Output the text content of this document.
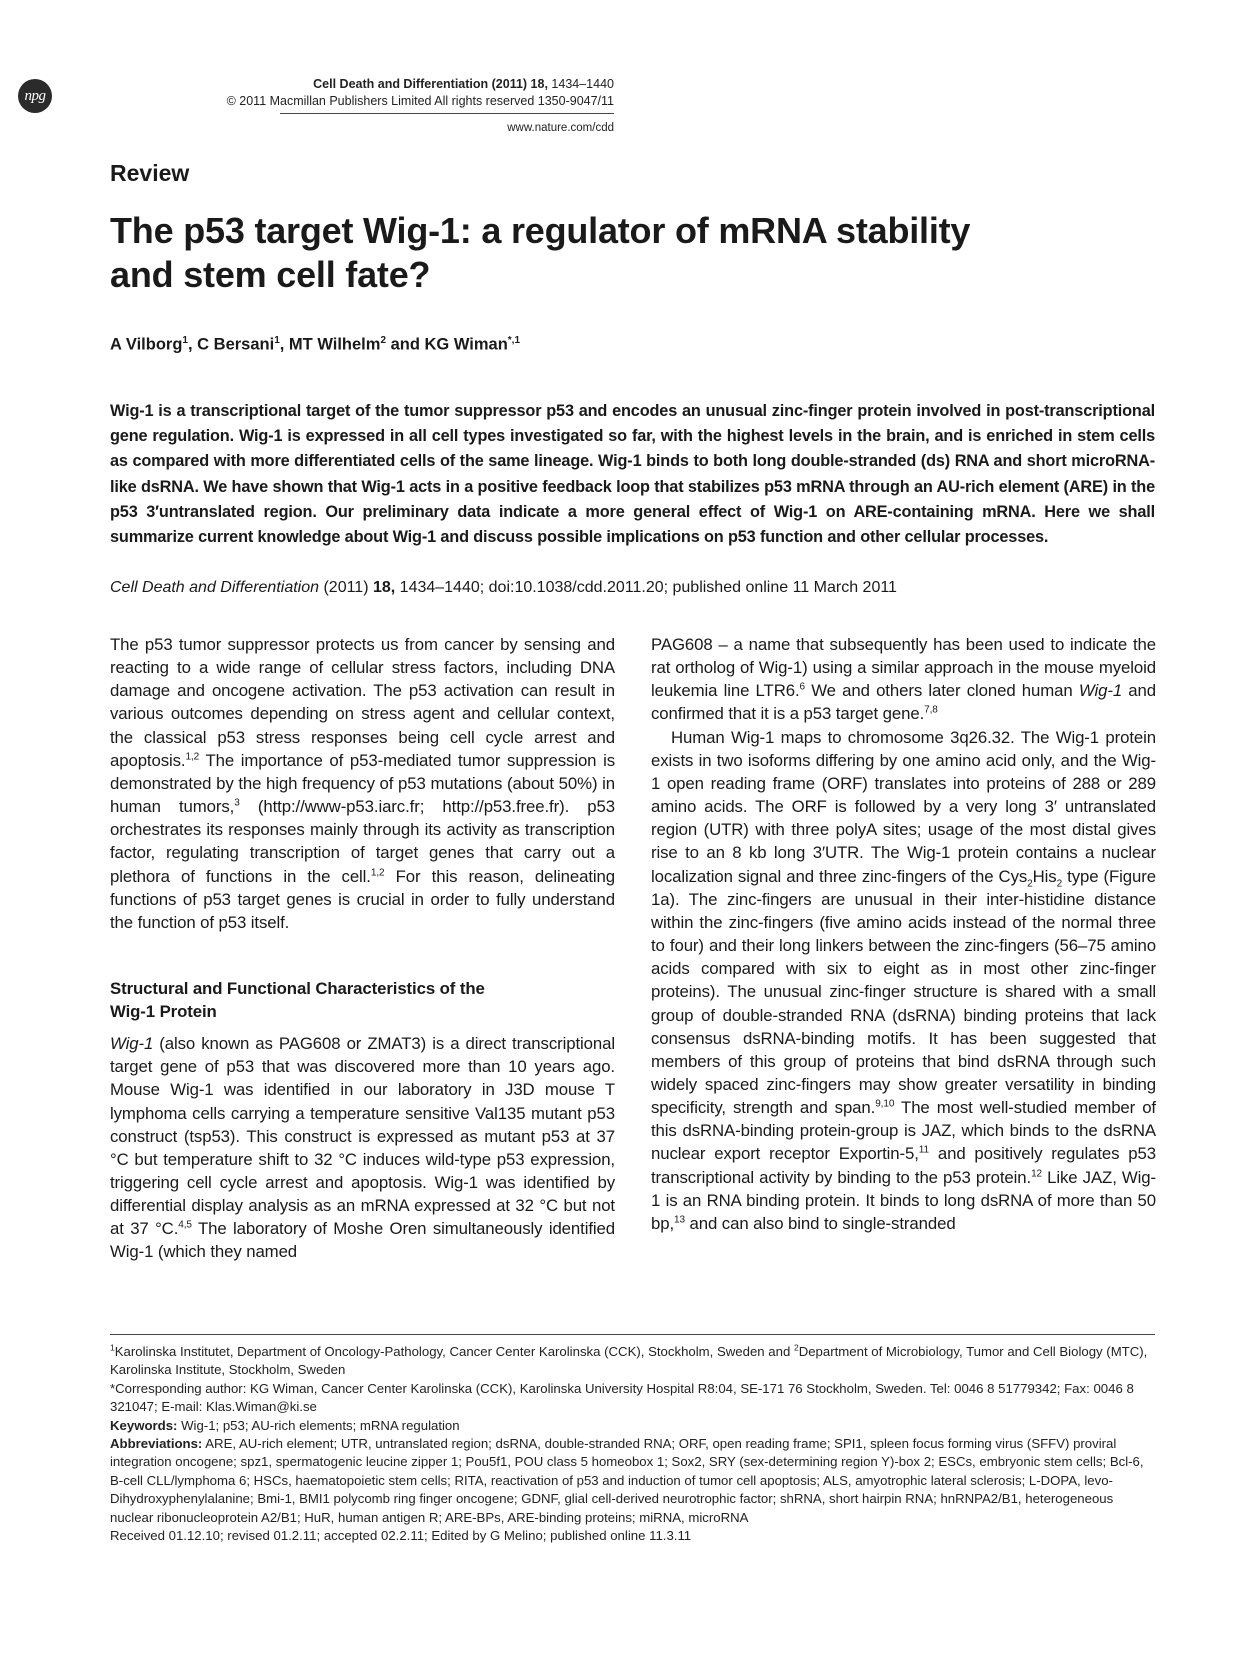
npg
Cell Death and Differentiation (2011) 18, 1434–1440
© 2011 Macmillan Publishers Limited All rights reserved 1350-9047/11
www.nature.com/cdd
Review
The p53 target Wig-1: a regulator of mRNA stability
and stem cell fate?
A Vilborg$^1$, C Bersani$^1$, MT Wilhelm$^2$ and KG Wiman$^{*,1}$

Wig-1 is a transcriptional target of the tumor suppressor p53 and encodes an unusual zinc-finger protein involved in post-transcriptional gene regulation. Wig-1 is expressed in all cell types investigated so far, with the highest levels in the brain, and is enriched in stem cells as compared with more differentiated cells of the same lineage. Wig-1 binds to both long double-stranded (ds) RNA and short microRNA-like dsRNA. We have shown that Wig-1 acts in a positive feedback loop that stabilizes p53 mRNA through an AU-rich element (ARE) in the p53 3′untranslated region. Our preliminary data indicate a more general effect of Wig-1 on ARE-containing mRNA. Here we shall summarize current knowledge about Wig-1 and discuss possible implications on p53 function and other cellular processes.

Cell Death and Differentiation (2011) 18, 1434–1440; doi:10.1038/cdd.2011.20; published online 11 March 2011

The p53 tumor suppressor protects us from cancer by sensing and reacting to a wide range of cellular stress factors, including DNA damage and oncogene activation. The p53 activation can result in various outcomes depending on stress agent and cellular context, the classical p53 stress responses being cell cycle arrest and apoptosis.$^{1,2}$ The importance of p53-mediated tumor suppression is demonstrated by the high frequency of p53 mutations (about 50%) in human tumors,$^3$ (http://www-p53.iarc.fr; http://p53.free.fr). p53 orchestrates its responses mainly through its activity as transcription factor, regulating transcription of target genes that carry out a plethora of functions in the cell.$^{1,2}$ For this reason, delineating functions of p53 target genes is crucial in order to fully understand the function of p53 itself.

Structural and Functional Characteristics of the
Wig-1 Protein

Wig-1 (also known as PAG608 or ZMAT3) is a direct transcriptional target gene of p53 that was discovered more than 10 years ago. Mouse Wig-1 was identified in our laboratory in J3D mouse T lymphoma cells carrying a temperature sensitive Val135 mutant p53 construct (tsp53). This construct is expressed as mutant p53 at 37 °C but temperature shift to 32 °C induces wild-type p53 expression, triggering cell cycle arrest and apoptosis. Wig-1 was identified by differential display analysis as an mRNA expressed at 32 °C but not at 37 °C.$^{4,5}$ The laboratory of Moshe Oren simultaneously identified Wig-1 (which they named

PAG608 – a name that subsequently has been used to indicate the rat ortholog of Wig-1) using a similar approach in the mouse myeloid leukemia line LTR6.$^6$ We and others later cloned human Wig-1 and confirmed that it is a p53 target gene.$^{7,8}$

Human Wig-1 maps to chromosome 3q26.32. The Wig-1 protein exists in two isoforms differing by one amino acid only, and the Wig-1 open reading frame (ORF) translates into proteins of 288 or 289 amino acids. The ORF is followed by a very long 3′ untranslated region (UTR) with three polyA sites; usage of the most distal gives rise to an 8 kb long 3′UTR. The Wig-1 protein contains a nuclear localization signal and three zinc-fingers of the Cys$_2$His$_2$ type (Figure 1a). The zinc-fingers are unusual in their inter-histidine distance within the zinc-fingers (five amino acids instead of the normal three to four) and their long linkers between the zinc-fingers (56–75 amino acids compared with six to eight as in most other zinc-finger proteins). The unusual zinc-finger structure is shared with a small group of double-stranded RNA (dsRNA) binding proteins that lack consensus dsRNA-binding motifs. It has been suggested that members of this group of proteins that bind dsRNA through such widely spaced zinc-fingers may show greater versatility in binding specificity, strength and span.$^{9,10}$ The most well-studied member of this dsRNA-binding protein-group is JAZ, which binds to the dsRNA nuclear export receptor Exportin-5,11 and positively regulates p53 transcriptional activity by binding to the p53 protein.$^{12}$ Like JAZ, Wig-1 is an RNA binding protein. It binds to long dsRNA of more than 50 bp,$^{13}$ and can also bind to single-stranded

$^1$Karolinska Institutet, Department of Oncology-Pathology, Cancer Center Karolinska (CCK), Stockholm, Sweden and $^2$Department of Microbiology, Tumor and Cell Biology (MTC), Karolinska Institute, Stockholm, Sweden

*Corresponding author: KG Wiman, Cancer Center Karolinska (CCK), Karolinska University Hospital R8:04, SE-171 76 Stockholm, Sweden. Tel: 0046 8 51779342; Fax: 0046 8 321047; E-mail: Klas.Wiman@ki.se

Keywords: Wig-1; p53; AU-rich elements; mRNA regulation

Abbreviations: ARE, AU-rich element; UTR, untranslated region; dsRNA, double-stranded RNA; ORF, open reading frame; SPI1, spleen focus forming virus (SFFV) proviral integration oncogene; spz1, spermatogenic leucine zipper 1; Pou5f1, POU class 5 homeobox 1; Sox2, SRY (sex-determining region Y)-box 2; ESCs, embryonic stem cells; Bcl-6, B-cell CLL/lymphoma 6; HSCs, haematopoietic stem cells; RITA, reactivation of p53 and induction of tumor cell apoptosis; ALS, amyotrophic lateral sclerosis; L-DOPA, levo-Dihydroxyphenylalanine; Bmi-1, BMI1 polycomb ring finger oncogene; GDNF, glial cell-derived neurotrophic factor; shRNA, short hairpin RNA; hnRNPA2/B1, heterogeneous nuclear ribonucleoprotein A2/B1; HuR, human antigen R; ARE-BPs, ARE-binding proteins; miRNA, microRNA

Received 01.12.10; revised 01.2.11; accepted 02.2.11; Edited by G Melino; published online 11.3.11
